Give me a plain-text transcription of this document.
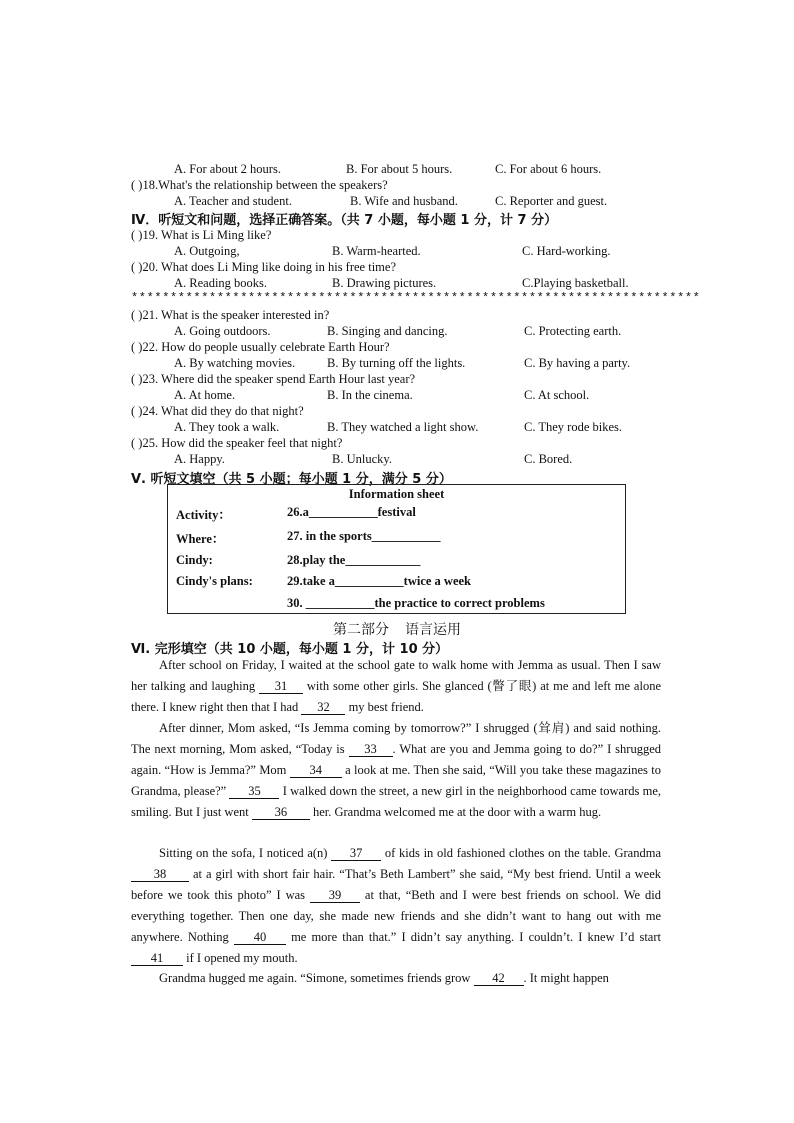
A. For about 2 hours.	B. For about 5 hours.	C. For about 6 hours.
( )18.What's the relationship between the speakers?
A. Teacher and student.	B. Wife and husband.	C. Reporter and guest.
Ⅳ．听短文和问题，选择正确答案。（共 7 小题，每小题 1 分，计 7 分）
( )19. What is Li Ming like?
A. Outgoing,	B. Warm-hearted.	C. Hard-working.
( )20. What does Li Ming like doing in his free time?
A. Reading books.	B. Drawing pictures.	C.Playing basketball.
*************************************************************************
( )21. What is the speaker interested in?
A. Going outdoors.	B. Singing and dancing.	C. Protecting earth.
( )22. How do people usually celebrate Earth Hour?
A. By watching movies.	B. By turning off the lights.	C. By having a party.
( )23. Where did the speaker spend Earth Hour last year?
A. At home.	B. In the cinema.	C. At school.
( )24. What did they do that night?
A. They took a walk.	B. They watched a light show.	C. They rode bikes.
( )25. How did the speaker feel that night?
A. Happy.	B. Unlucky.	C. Bored.
Ⅴ. 听短文填空（共 5 小题；每小题 1 分，满分 5 分）
Information sheet
Activity：	26.a___________festival
Where：	27. in the sports___________
Cindy:	28.play the____________
Cindy's plans:	29.take a___________twice a week
30. ___________the practice to correct problems
第二部分 语言运用
Ⅵ. 完形填空（共 10 小题，每小题 1 分，计 10 分）
After school on Friday, I waited at the school gate to walk home with Jemma as usual. Then I saw her talking and laughing 31 with some other girls. She glanced (瞥了眼) at me and left me alone there. I knew right then that I had 32 my best friend.
After dinner, Mom asked, “Is Jemma coming by tomorrow?” I shrugged (耸肩) and said nothing. The next morning, Mom asked, “Today is 33 . What are you and Jemma going to do?” I shrugged again. “How is Jemma?” Mom 34 a look at me. Then she said, “Will you take these magazines to Grandma, please?” 35 I walked down the street, a new girl in the neighborhood came towards me, smiling. But I just went 36 her. Grandma welcomed me at the door with a warm hug.
Sitting on the sofa, I noticed a(n) 37 of kids in old fashioned clothes on the table. Grandma 38 at a girl with short fair hair. “That’s Beth Lambert” she said, “My best friend. Until a week before we took this photo” I was 39 at that, “Beth and I were best friends on school. We did everything together. Then one day, she made new friends and she didn’t want to hang out with me anywhere. Nothing 40 me more than that.” I didn’t say anything. I couldn’t. I knew I’d start 41 if I opened my mouth.
Grandma hugged me again. “Simone, sometimes friends grow 42 . It might happen
